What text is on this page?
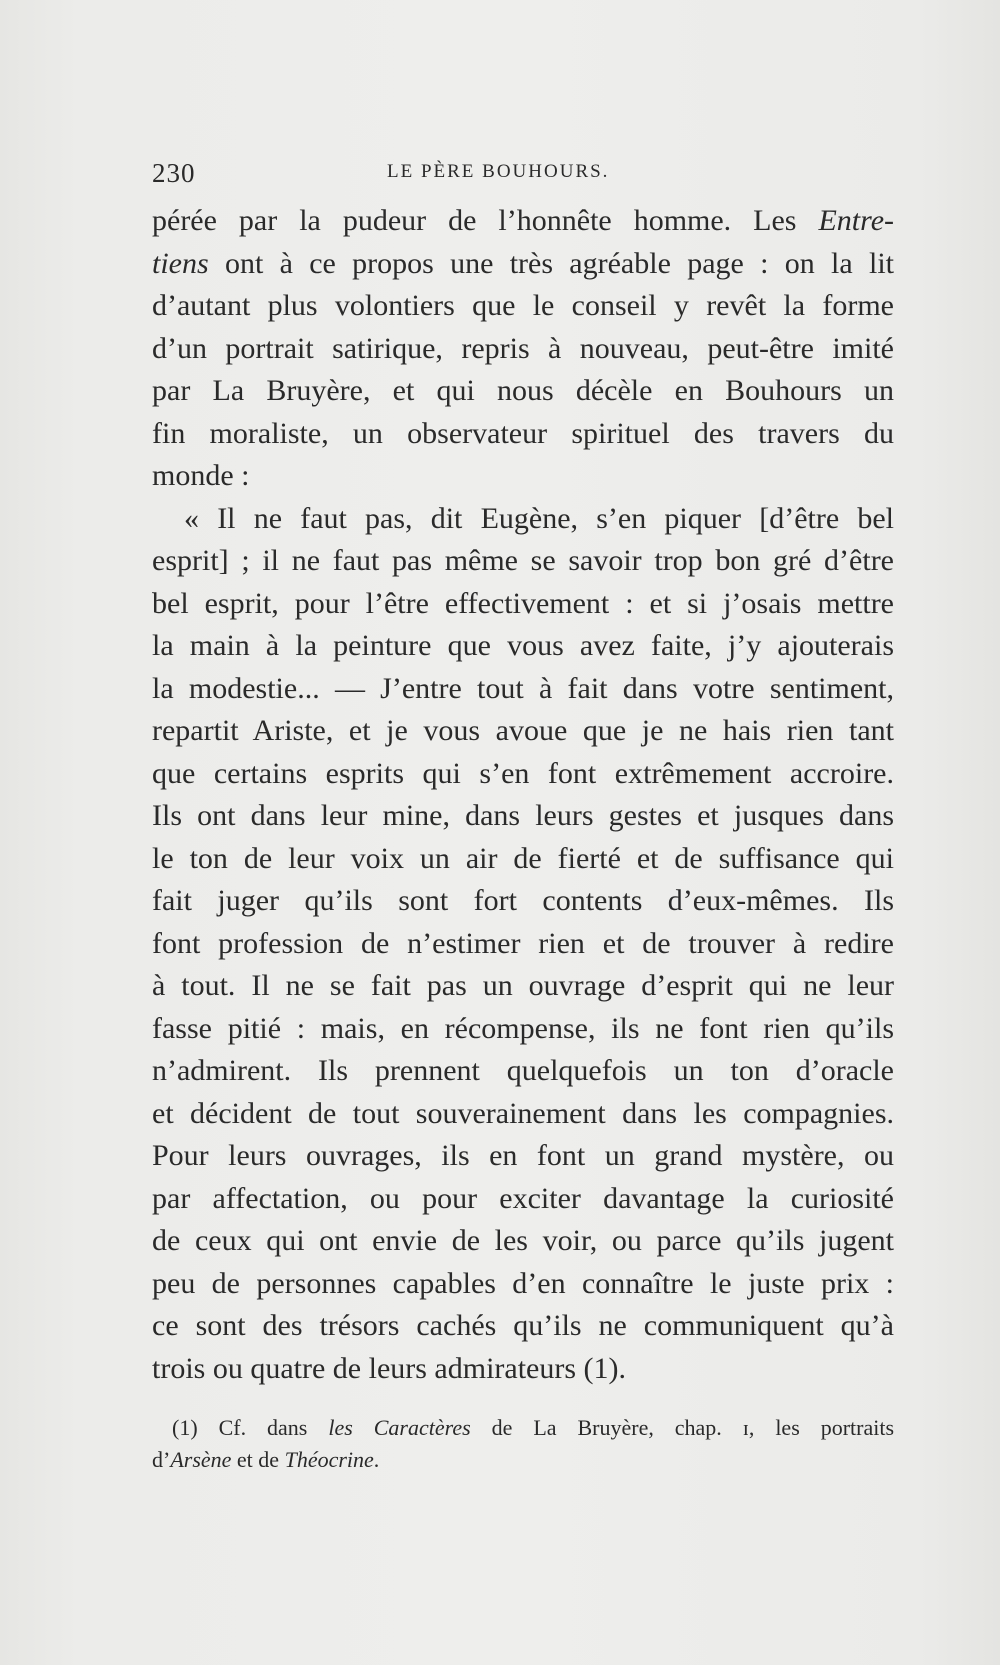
230	LE PÈRE BOUHOURS.
pérée par la pudeur de l’honnête homme. Les Entre-
tiens ont à ce propos une très agréable page : on la lit
d’autant plus volontiers que le conseil y revêt la forme
d’un portrait satirique, repris à nouveau, peut-être imité
par La Bruyère, et qui nous décèle en Bouhours un
fin moraliste, un observateur spirituel des travers du
monde :
« Il ne faut pas, dit Eugène, s’en piquer [d’être bel
esprit] ; il ne faut pas même se savoir trop bon gré d’être
bel esprit, pour l’être effectivement : et si j’osais mettre
la main à la peinture que vous avez faite, j’y ajouterais
la modestie... — J’entre tout à fait dans votre sentiment,
repartit Ariste, et je vous avoue que je ne hais rien tant
que certains esprits qui s’en font extrêmement accroire.
Ils ont dans leur mine, dans leurs gestes et jusques dans
le ton de leur voix un air de fierté et de suffisance qui
fait juger qu’ils sont fort contents d’eux-mêmes. Ils
font profession de n’estimer rien et de trouver à redire
à tout. Il ne se fait pas un ouvrage d’esprit qui ne leur
fasse pitié : mais, en récompense, ils ne font rien qu’ils
n’admirent. Ils prennent quelquefois un ton d’oracle
et décident de tout souverainement dans les compagnies.
Pour leurs ouvrages, ils en font un grand mystère, ou
par affectation, ou pour exciter davantage la curiosité
de ceux qui ont envie de les voir, ou parce qu’ils jugent
peu de personnes capables d’en connaître le juste prix :
ce sont des trésors cachés qu’ils ne communiquent qu’à
trois ou quatre de leurs admirateurs (1).
(1) Cf. dans les Caractères de La Bruyère, chap. ɪ, les portraits
d’Arsène et de Théocrine.
